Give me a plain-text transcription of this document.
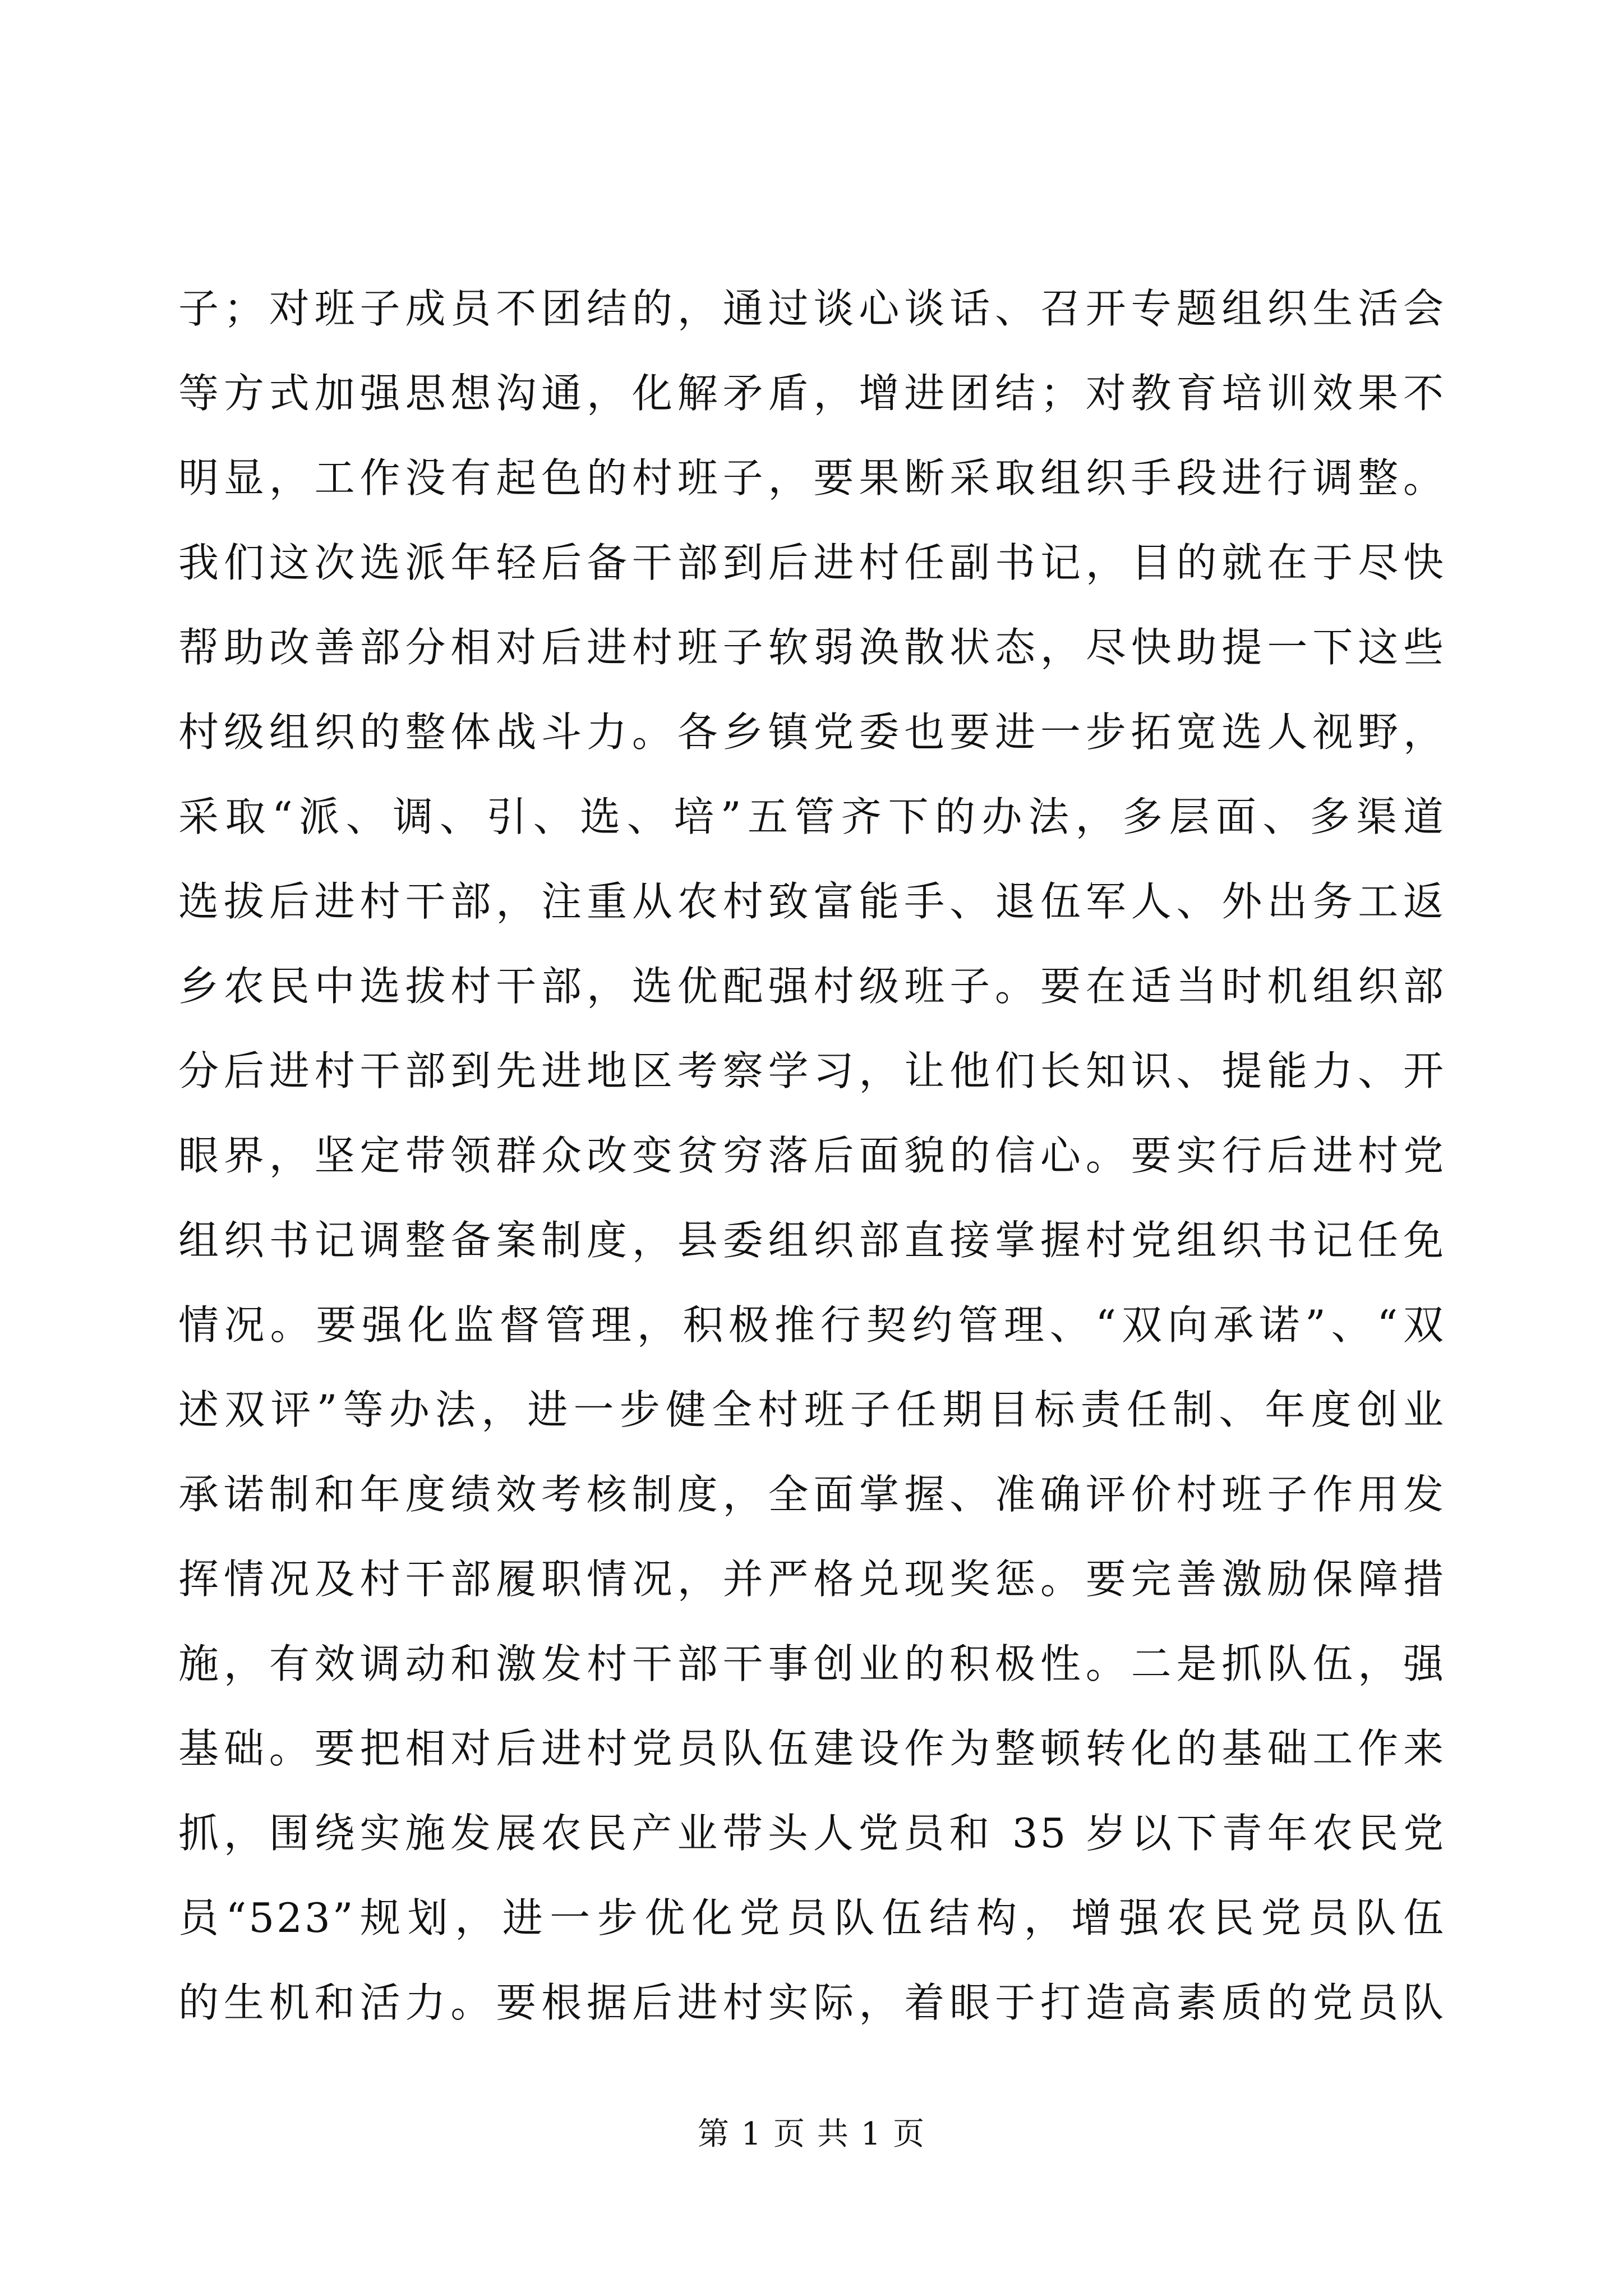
子；对班子成员不团结的，通过谈心谈话、召开专题组织生活会
等方式加强思想沟通，化解矛盾，增进团结；对教育培训效果不
明显，工作没有起色的村班子，要果断采取组织手段进行调整。
我们这次选派年轻后备干部到后进村任副书记，目的就在于尽快
帮助改善部分相对后进村班子软弱涣散状态，尽快助提一下这些
村级组织的整体战斗力。各乡镇党委也要进一步拓宽选人视野，
采取“派、调、引、选、培”五管齐下的办法，多层面、多渠道
选拔后进村干部，注重从农村致富能手、退伍军人、外出务工返
乡农民中选拔村干部，选优配强村级班子。要在适当时机组织部
分后进村干部到先进地区考察学习，让他们长知识、提能力、开
眼界，坚定带领群众改变贫穷落后面貌的信心。要实行后进村党
组织书记调整备案制度，县委组织部直接掌握村党组织书记任免
情况。要强化监督管理，积极推行契约管理、“双向承诺”、“双
述双评”等办法，进一步健全村班子任期目标责任制、年度创业
承诺制和年度绩效考核制度，全面掌握、准确评价村班子作用发
挥情况及村干部履职情况，并严格兑现奖惩。要完善激励保障措
施，有效调动和激发村干部干事创业的积极性。二是抓队伍，强
基础。要把相对后进村党员队伍建设作为整顿转化的基础工作来
抓，围绕实施发展农民产业带头人党员和 35 岁以下青年农民党
员“523”规划，进一步优化党员队伍结构，增强农民党员队伍
的生机和活力。要根据后进村实际，着眼于打造高素质的党员队
第 1 页 共 1 页
